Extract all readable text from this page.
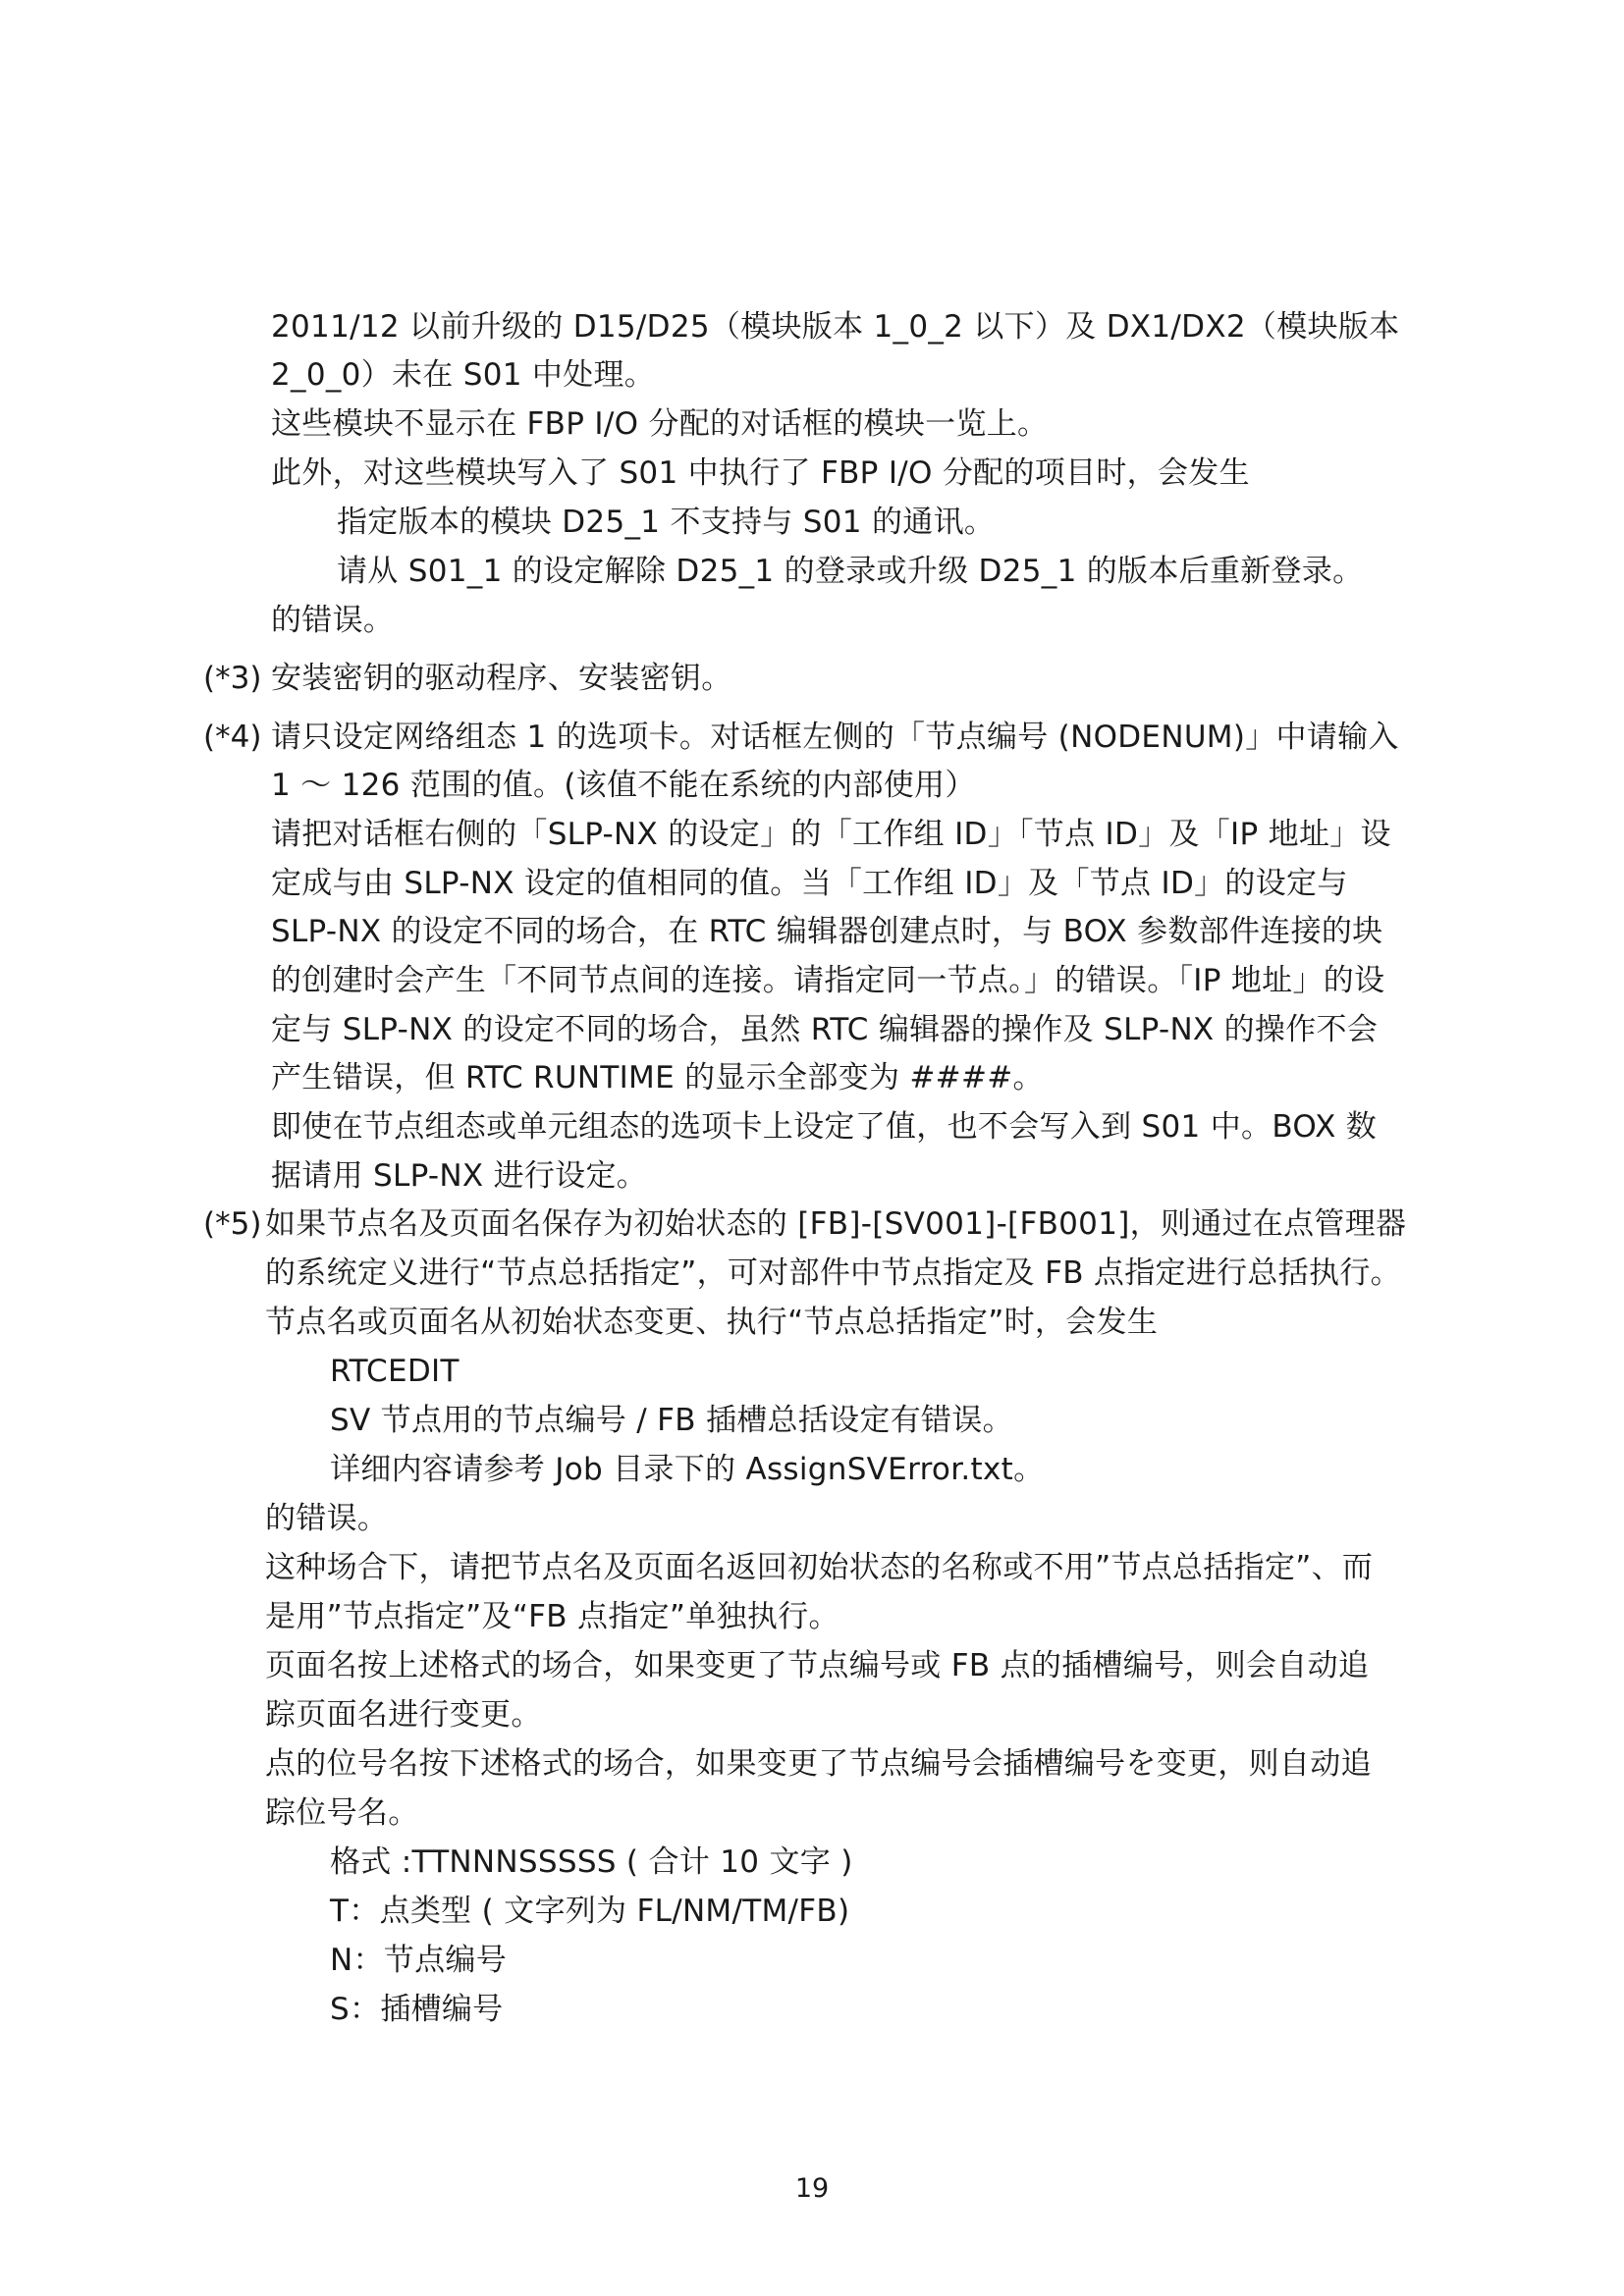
2011/12 以前升级的 D15/D25（模块版本 1_0_2 以下）及 DX1/DX2（模块版本
2_0_0）未在 S01 中处理。
这些模块不显示在 FBP I/O 分配的对话框的模块一览上。
此外，对这些模块写入了 S01 中执行了 FBP I/O 分配的项目时，会发生
指定版本的模块 D25_1 不支持与 S01 的通讯。
请从 S01_1 的设定解除 D25_1 的登录或升级 D25_1 的版本后重新登录。
的错误。
(*3) 安装密钥的驱动程序、安装密钥。
(*4) 请只设定网络组态 1 的选项卡。对话框左侧的「节点编号 (NODENUM)」中请输入
1 ～ 126 范围的值。(该值不能在系统的内部使用）
请把对话框右侧的「SLP-NX 的设定」的「工作组 ID」「节点 ID」及「IP 地址」设
定成与由 SLP-NX 设定的值相同的值。当「工作组 ID」及「节点 ID」的设定与
SLP-NX 的设定不同的场合，在 RTC 编辑器创建点时，与 BOX 参数部件连接的块
的创建时会产生「不同节点间的连接。请指定同一节点。」的错误。「IP 地址」的设
定与 SLP-NX 的设定不同的场合，虽然 RTC 编辑器的操作及 SLP-NX 的操作不会
产生错误，但 RTC RUNTIME 的显示全部变为 ####。
即使在节点组态或单元组态的选项卡上设定了值，也不会写入到 S01 中。BOX 数
据请用 SLP-NX 进行设定。
(*5) 如果节点名及页面名保存为初始状态的 [FB]-[SV001]-[FB001]，则通过在点管理器
的系统定义进行“节点总括指定”，可对部件中节点指定及 FB 点指定进行总括执行。
节点名或页面名从初始状态变更、执行“节点总括指定”时，会发生
RTCEDIT
SV 节点用的节点编号 / FB 插槽总括设定有错误。
详细内容请参考 Job 目录下的 AssignSVError.txt。
的错误。
这种场合下，请把节点名及页面名返回初始状态的名称或不用”节点总括指定”、而
是用”节点指定”及“FB 点指定”单独执行。
页面名按上述格式的场合，如果变更了节点编号或 FB 点的插槽编号，则会自动追
踪页面名进行变更。
点的位号名按下述格式的场合，如果变更了节点编号会插槽编号を变更，则自动追
踪位号名。
格式 :TTNNNSSSSS ( 合计 10 文字 )
T：点类型 ( 文字列为 FL/NM/TM/FB)
N：节点编号
S：插槽编号
19
